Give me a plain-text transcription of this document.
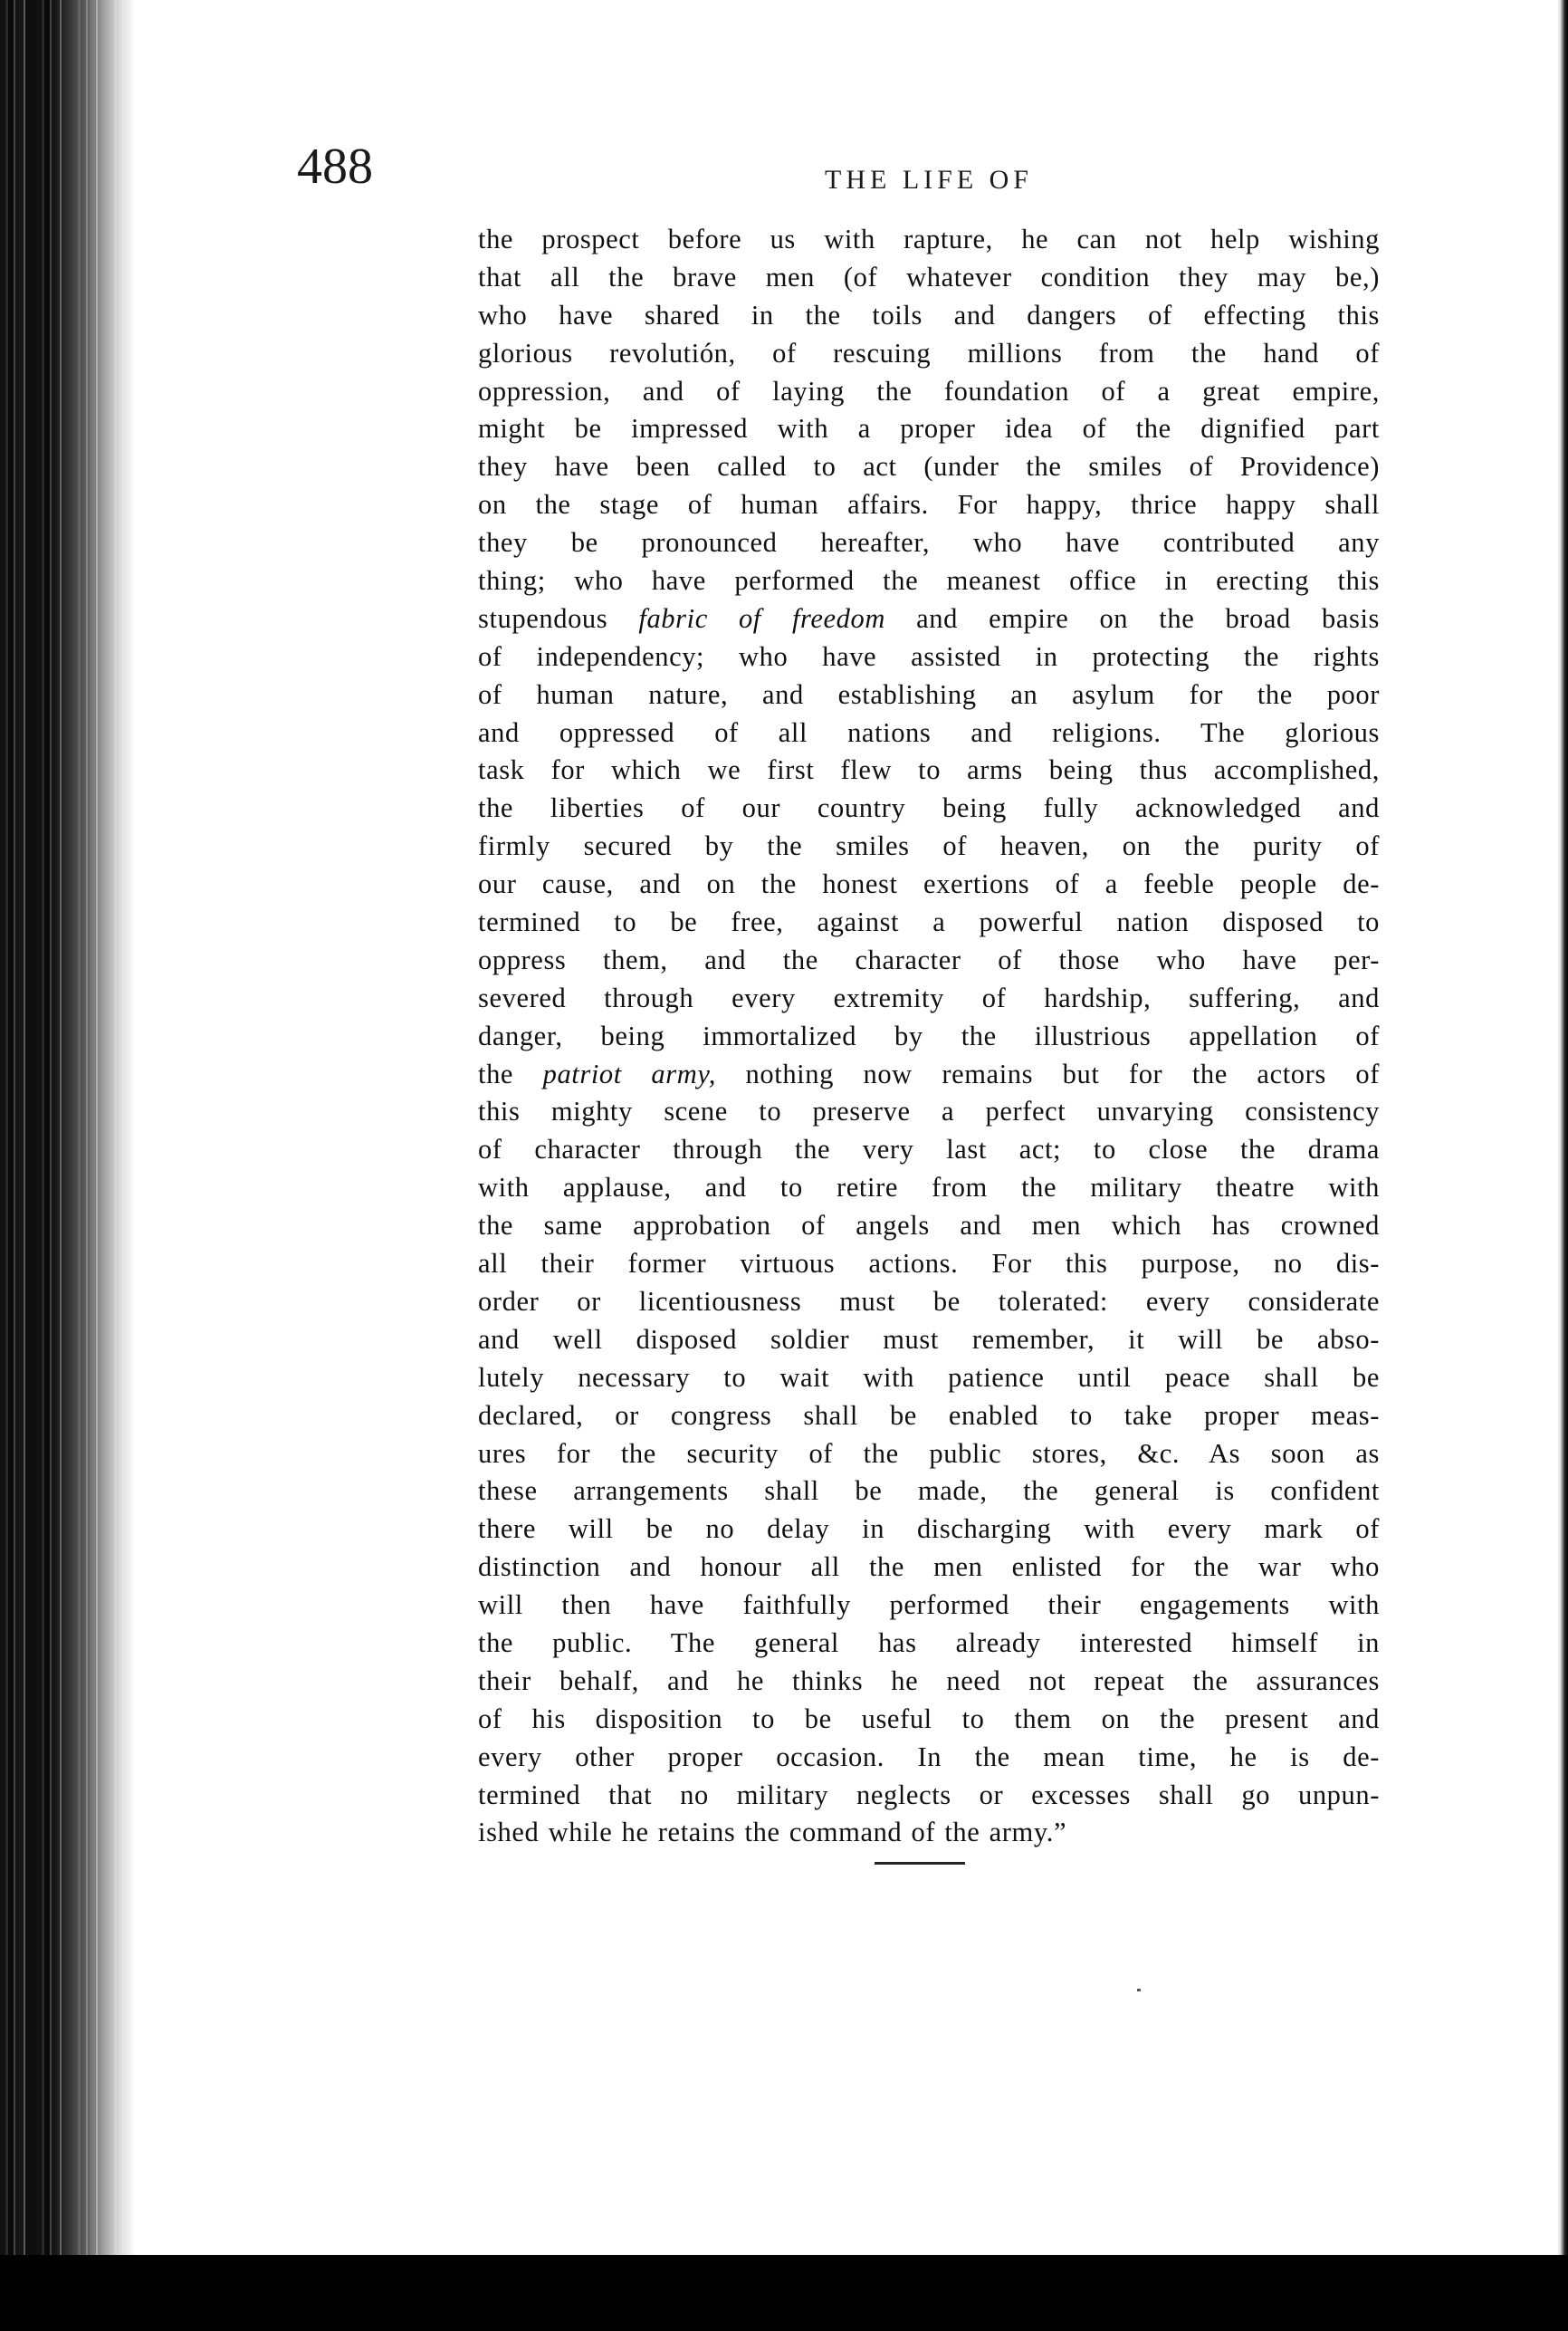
488	THE LIFE OF
the prospect before us with rapture, he can not help wishing
that all the brave men (of whatever condition they may be,)
who have shared in the toils and dangers of effecting this
glorious revolutión, of rescuing millions from the hand of
oppression, and of laying the foundation of a great empire,
might be impressed with a proper idea of the dignified part
they have been called to act (under the smiles of Providence)
on the stage of human affairs. For happy, thrice happy shall
they be pronounced hereafter, who have contributed any
thing; who have performed the meanest office in erecting this
stupendous fabric of freedom and empire on the broad basis
of independency; who have assisted in protecting the rights
of human nature, and establishing an asylum for the poor
and oppressed of all nations and religions. The glorious
task for which we first flew to arms being thus accomplished,
the liberties of our country being fully acknowledged and
firmly secured by the smiles of heaven, on the purity of
our cause, and on the honest exertions of a feeble people de-
termined to be free, against a powerful nation disposed to
oppress them, and the character of those who have per-
severed through every extremity of hardship, suffering, and
danger, being immortalized by the illustrious appellation of
the patriot army, nothing now remains but for the actors of
this mighty scene to preserve a perfect unvarying consistency
of character through the very last act; to close the drama
with applause, and to retire from the military theatre with
the same approbation of angels and men which has crowned
all their former virtuous actions. For this purpose, no dis-
order or licentiousness must be tolerated: every considerate
and well disposed soldier must remember, it will be abso-
lutely necessary to wait with patience until peace shall be
declared, or congress shall be enabled to take proper meas-
ures for the security of the public stores, &c. As soon as
these arrangements shall be made, the general is confident
there will be no delay in discharging with every mark of
distinction and honour all the men enlisted for the war who
will then have faithfully performed their engagements with
the public. The general has already interested himself in
their behalf, and he thinks he need not repeat the assurances
of his disposition to be useful to them on the present and
every other proper occasion. In the mean time, he is de-
termined that no military neglects or excesses shall go unpun-
ished while he retains the command of the army.”
